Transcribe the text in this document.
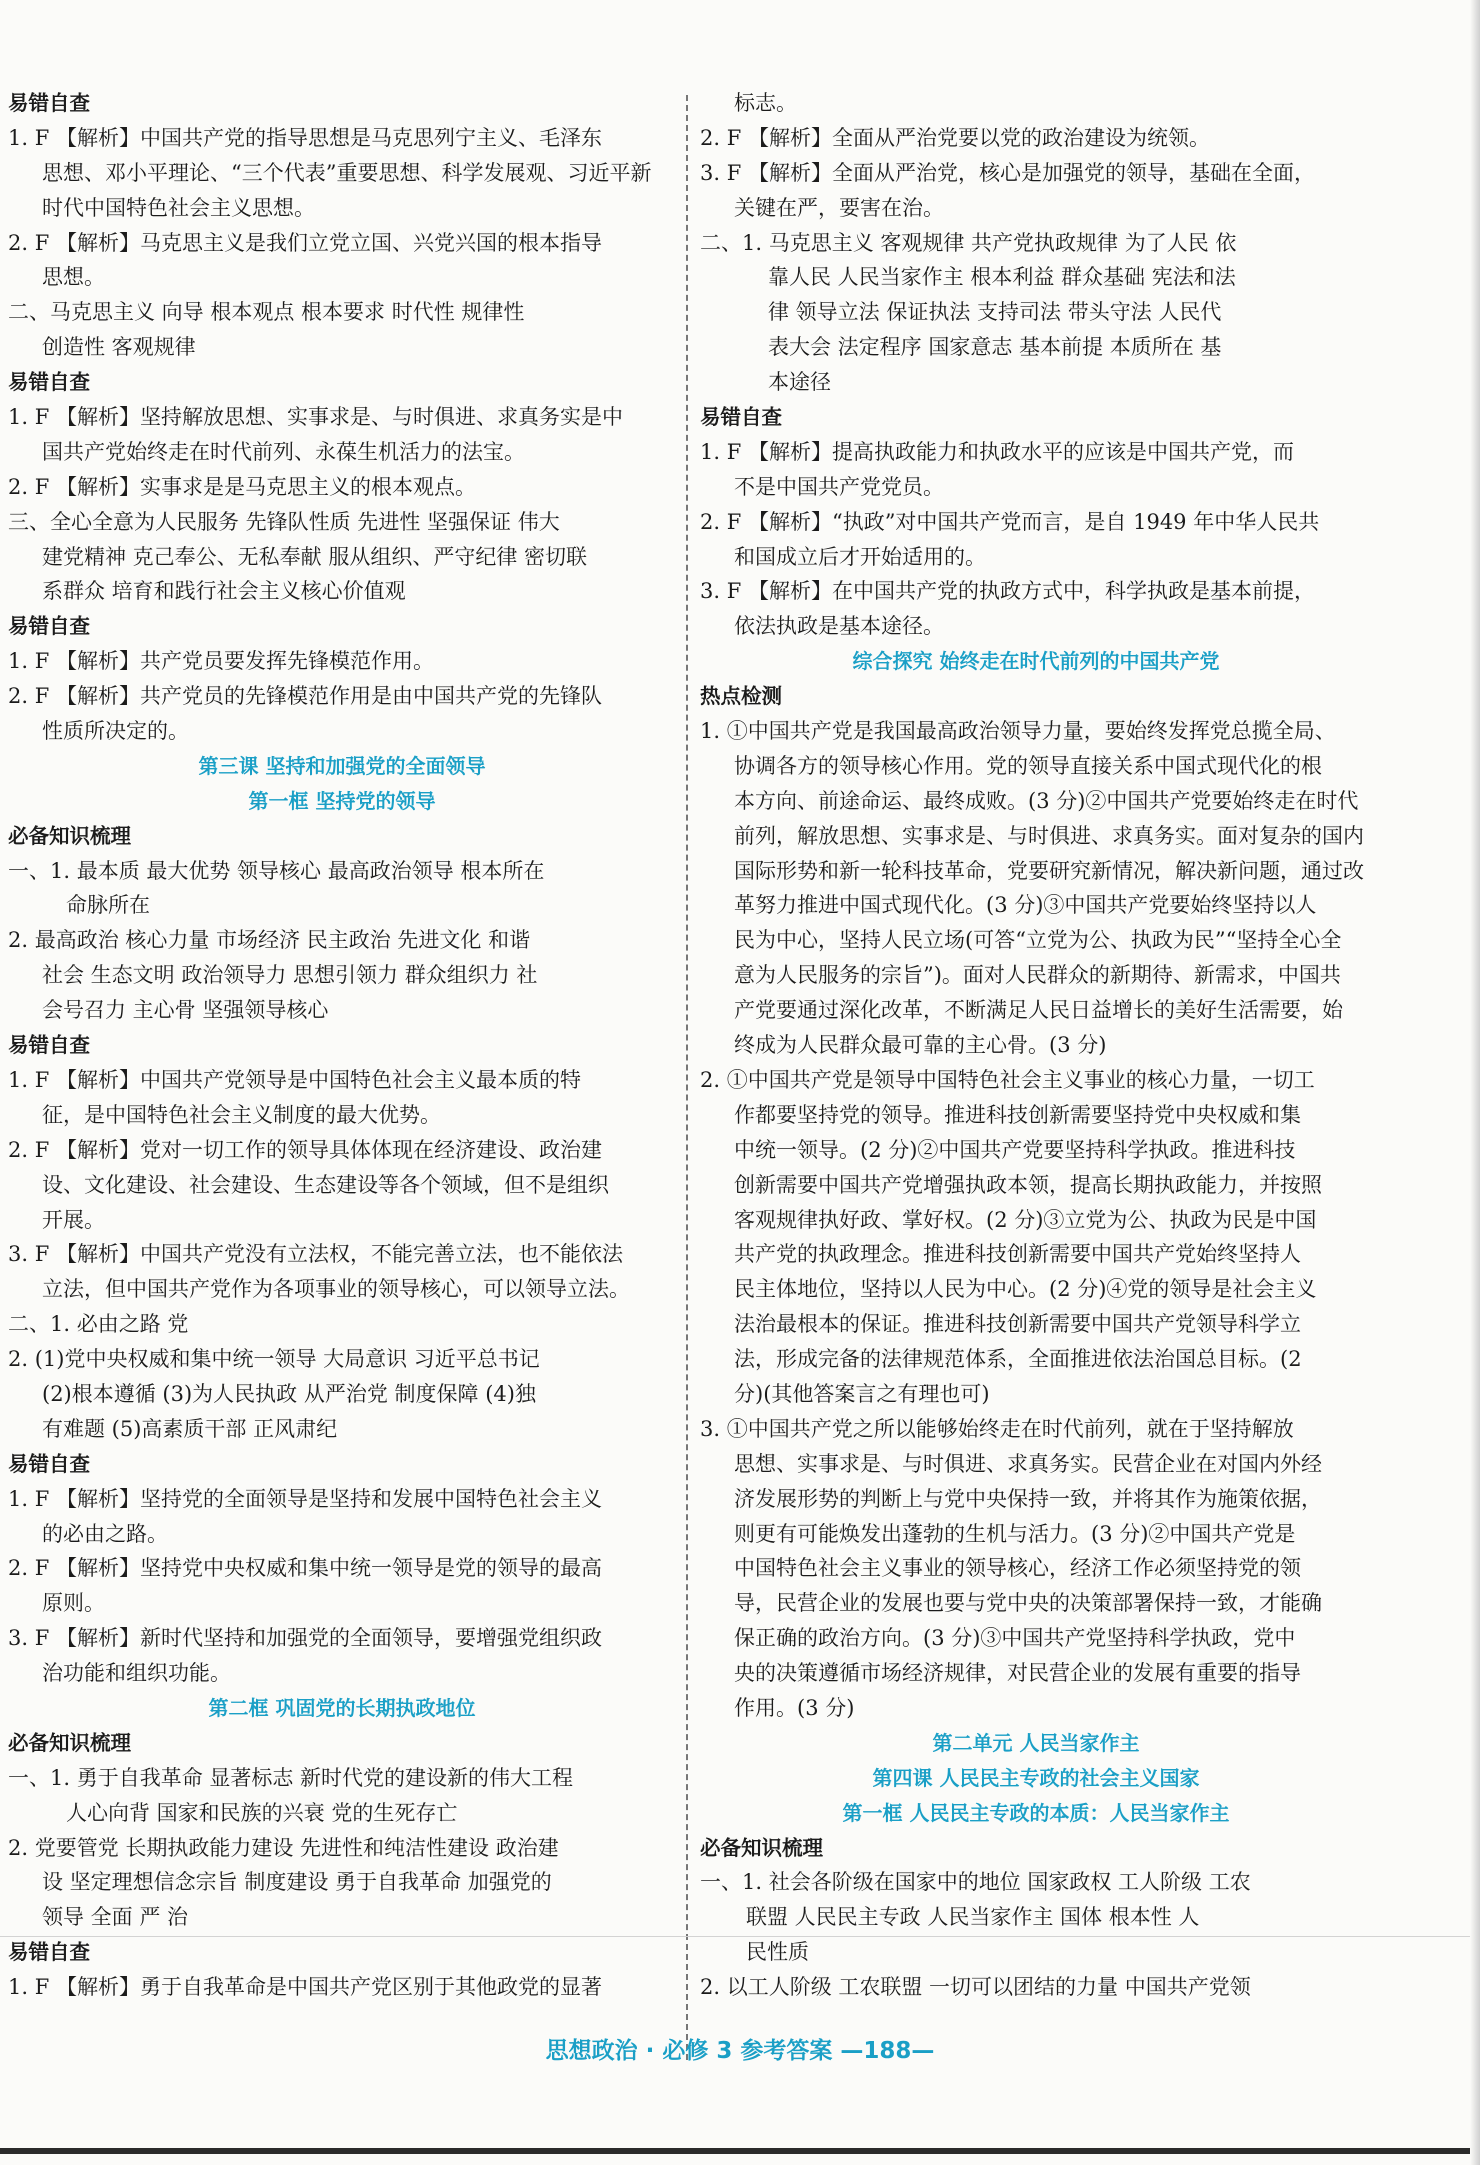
易错自查
1. F 【解析】中国共产党的指导思想是马克思列宁主义、毛泽东
思想、邓小平理论、“三个代表”重要思想、科学发展观、习近平新
时代中国特色社会主义思想。
2. F 【解析】马克思主义是我们立党立国、兴党兴国的根本指导
思想。
二、马克思主义 向导 根本观点 根本要求 时代性 规律性
创造性 客观规律
易错自查
1. F 【解析】坚持解放思想、实事求是、与时俱进、求真务实是中
国共产党始终走在时代前列、永葆生机活力的法宝。
2. F 【解析】实事求是是马克思主义的根本观点。
三、全心全意为人民服务 先锋队性质 先进性 坚强保证 伟大
建党精神 克己奉公、无私奉献 服从组织、严守纪律 密切联
系群众 培育和践行社会主义核心价值观
易错自查
1. F 【解析】共产党员要发挥先锋模范作用。
2. F 【解析】共产党员的先锋模范作用是由中国共产党的先锋队
性质所决定的。
第三课 坚持和加强党的全面领导
第一框 坚持党的领导
必备知识梳理
一、1. 最本质 最大优势 领导核心 最高政治领导 根本所在
命脉所在
2. 最高政治 核心力量 市场经济 民主政治 先进文化 和谐
社会 生态文明 政治领导力 思想引领力 群众组织力 社
会号召力 主心骨 坚强领导核心
易错自查
1. F 【解析】中国共产党领导是中国特色社会主义最本质的特
征，是中国特色社会主义制度的最大优势。
2. F 【解析】党对一切工作的领导具体体现在经济建设、政治建
设、文化建设、社会建设、生态建设等各个领域，但不是组织
开展。
3. F 【解析】中国共产党没有立法权，不能完善立法，也不能依法
立法，但中国共产党作为各项事业的领导核心，可以领导立法。
二、1. 必由之路 党
2. (1)党中央权威和集中统一领导 大局意识 习近平总书记
(2)根本遵循 (3)为人民执政 从严治党 制度保障 (4)独
有难题 (5)高素质干部 正风肃纪
易错自查
1. F 【解析】坚持党的全面领导是坚持和发展中国特色社会主义
的必由之路。
2. F 【解析】坚持党中央权威和集中统一领导是党的领导的最高
原则。
3. F 【解析】新时代坚持和加强党的全面领导，要增强党组织政
治功能和组织功能。
第二框 巩固党的长期执政地位
必备知识梳理
一、1. 勇于自我革命 显著标志 新时代党的建设新的伟大工程
人心向背 国家和民族的兴衰 党的生死存亡
2. 党要管党 长期执政能力建设 先进性和纯洁性建设 政治建
设 坚定理想信念宗旨 制度建设 勇于自我革命 加强党的
领导 全面 严 治
易错自查
1. F 【解析】勇于自我革命是中国共产党区别于其他政党的显著
标志。
2. F 【解析】全面从严治党要以党的政治建设为统领。
3. F 【解析】全面从严治党，核心是加强党的领导，基础在全面，
关键在严，要害在治。
二、1. 马克思主义 客观规律 共产党执政规律 为了人民 依
靠人民 人民当家作主 根本利益 群众基础 宪法和法
律 领导立法 保证执法 支持司法 带头守法 人民代
表大会 法定程序 国家意志 基本前提 本质所在 基
本途径
易错自查
1. F 【解析】提高执政能力和执政水平的应该是中国共产党，而
不是中国共产党党员。
2. F 【解析】“执政”对中国共产党而言，是自 1949 年中华人民共
和国成立后才开始适用的。
3. F 【解析】在中国共产党的执政方式中，科学执政是基本前提，
依法执政是基本途径。
综合探究 始终走在时代前列的中国共产党
热点检测
1. ①中国共产党是我国最高政治领导力量，要始终发挥党总揽全局、
协调各方的领导核心作用。党的领导直接关系中国式现代化的根
本方向、前途命运、最终成败。(3 分)②中国共产党要始终走在时代
前列，解放思想、实事求是、与时俱进、求真务实。面对复杂的国内
国际形势和新一轮科技革命，党要研究新情况，解决新问题，通过改
革努力推进中国式现代化。(3 分)③中国共产党要始终坚持以人
民为中心，坚持人民立场(可答“立党为公、执政为民”“坚持全心全
意为人民服务的宗旨”)。面对人民群众的新期待、新需求，中国共
产党要通过深化改革，不断满足人民日益增长的美好生活需要，始
终成为人民群众最可靠的主心骨。(3 分)
2. ①中国共产党是领导中国特色社会主义事业的核心力量，一切工
作都要坚持党的领导。推进科技创新需要坚持党中央权威和集
中统一领导。(2 分)②中国共产党要坚持科学执政。推进科技
创新需要中国共产党增强执政本领，提高长期执政能力，并按照
客观规律执好政、掌好权。(2 分)③立党为公、执政为民是中国
共产党的执政理念。推进科技创新需要中国共产党始终坚持人
民主体地位，坚持以人民为中心。(2 分)④党的领导是社会主义
法治最根本的保证。推进科技创新需要中国共产党领导科学立
法，形成完备的法律规范体系，全面推进依法治国总目标。(2
分)(其他答案言之有理也可)
3. ①中国共产党之所以能够始终走在时代前列，就在于坚持解放
思想、实事求是、与时俱进、求真务实。民营企业在对国内外经
济发展形势的判断上与党中央保持一致，并将其作为施策依据，
则更有可能焕发出蓬勃的生机与活力。(3 分)②中国共产党是
中国特色社会主义事业的领导核心，经济工作必须坚持党的领
导，民营企业的发展也要与党中央的决策部署保持一致，才能确
保正确的政治方向。(3 分)③中国共产党坚持科学执政，党中
央的决策遵循市场经济规律，对民营企业的发展有重要的指导
作用。(3 分)
第二单元 人民当家作主
第四课 人民民主专政的社会主义国家
第一框 人民民主专政的本质：人民当家作主
必备知识梳理
一、1. 社会各阶级在国家中的地位 国家政权 工人阶级 工农
联盟 人民民主专政 人民当家作主 国体 根本性 人
民性质
2. 以工人阶级 工农联盟 一切可以团结的力量 中国共产党领
思想政治 · 必修 3 参考答案 —188—
